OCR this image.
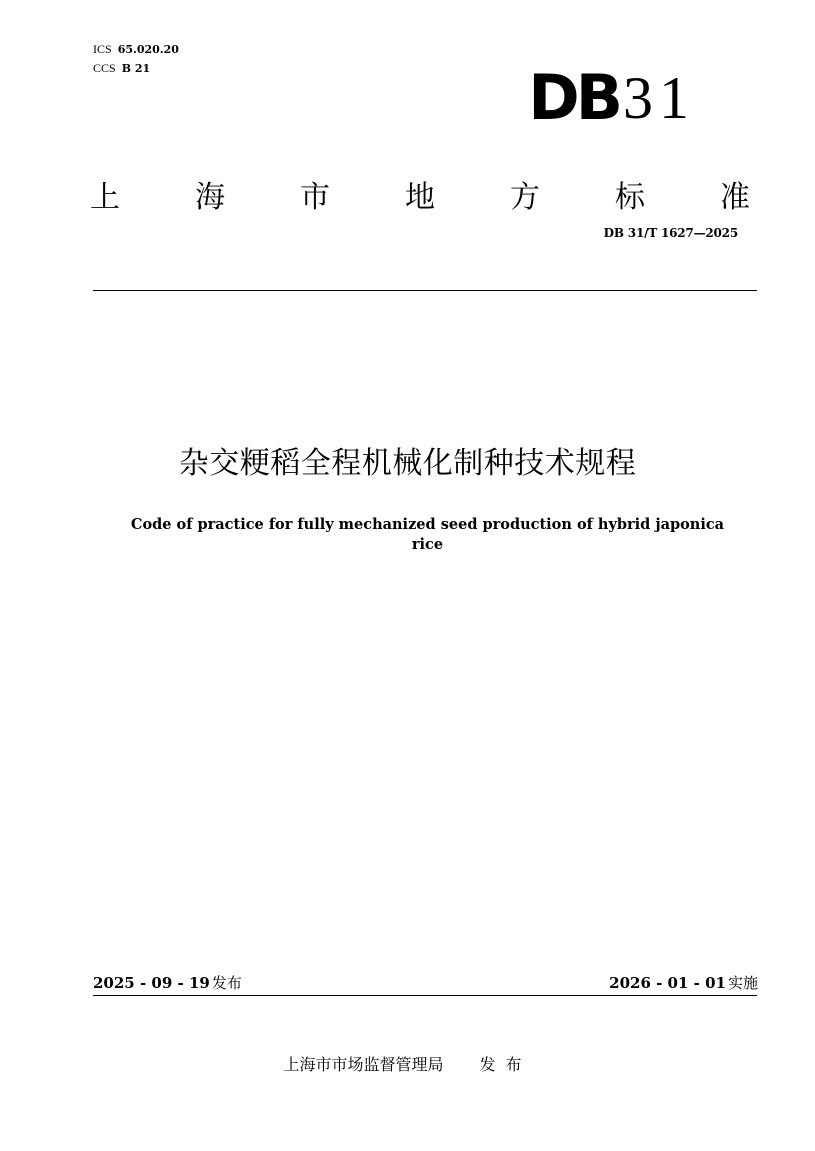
ICS 65.020.20
CCS B 21	DB31
上	海	市	地	方	标	准
DB 31/T 1627—2025
杂交粳稻全程机械化制种技术规程
Code of practice for fully mechanized seed production of hybrid japonica rice
2025 - 09 - 19 发布	2026 - 01 - 01 实施
上海市市场监督管理局 发布
